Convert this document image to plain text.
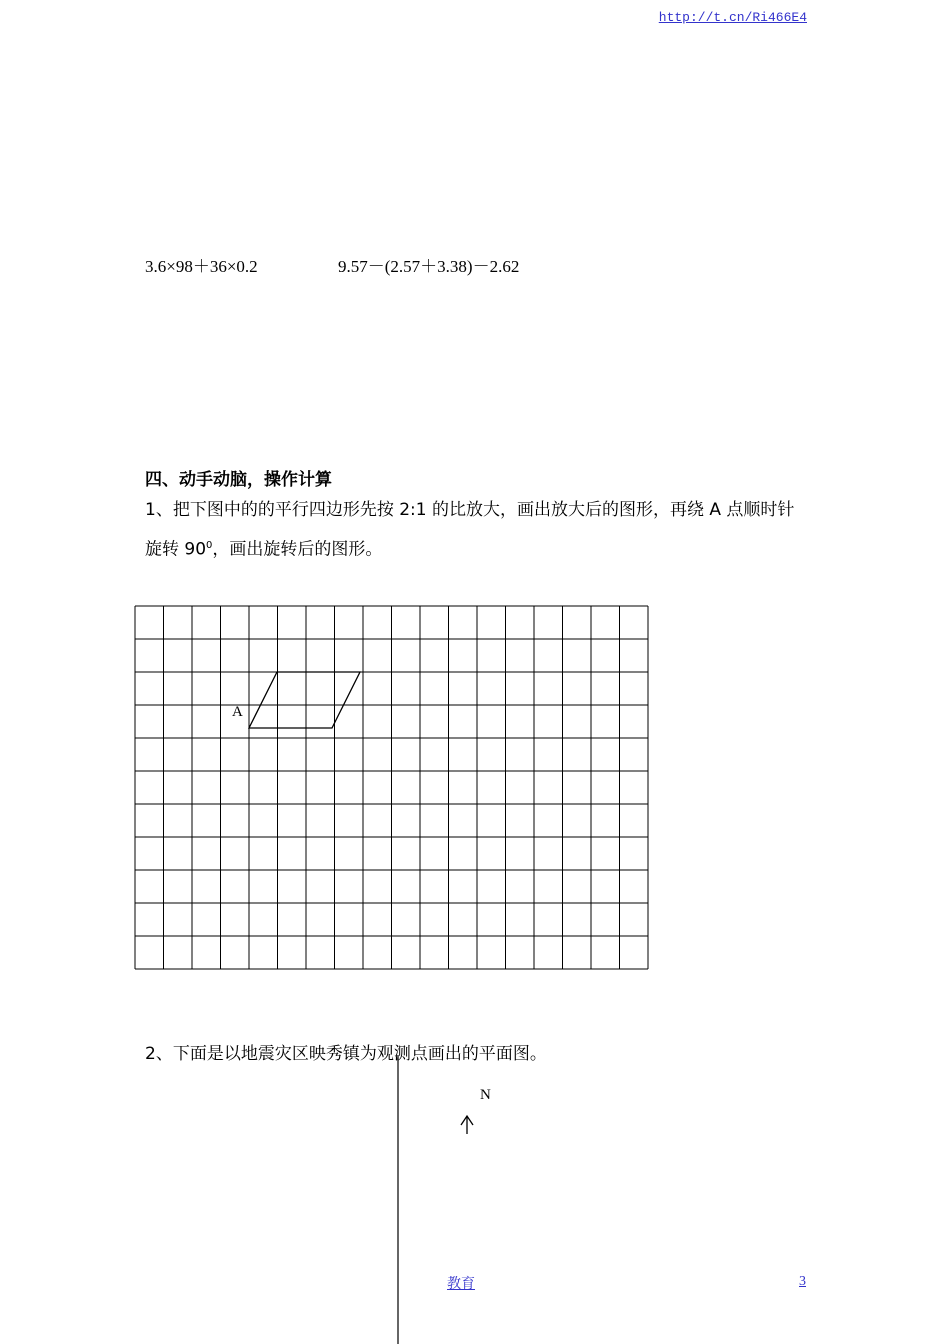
http://t.cn/Ri466E4
3.6×98＋36×0.2	9.57－(2.57＋3.38)－2.62
四、动手动脑，操作计算
1、把下图中的的平行四边形先按 2:1 的比放大，画出放大后的图形，再绕 A 点顺时针旋转 $90^0$，画出旋转后的图形。
A
N
2、下面是以地震灾区映秀镇为观测点画出的平面图。
教育	3
